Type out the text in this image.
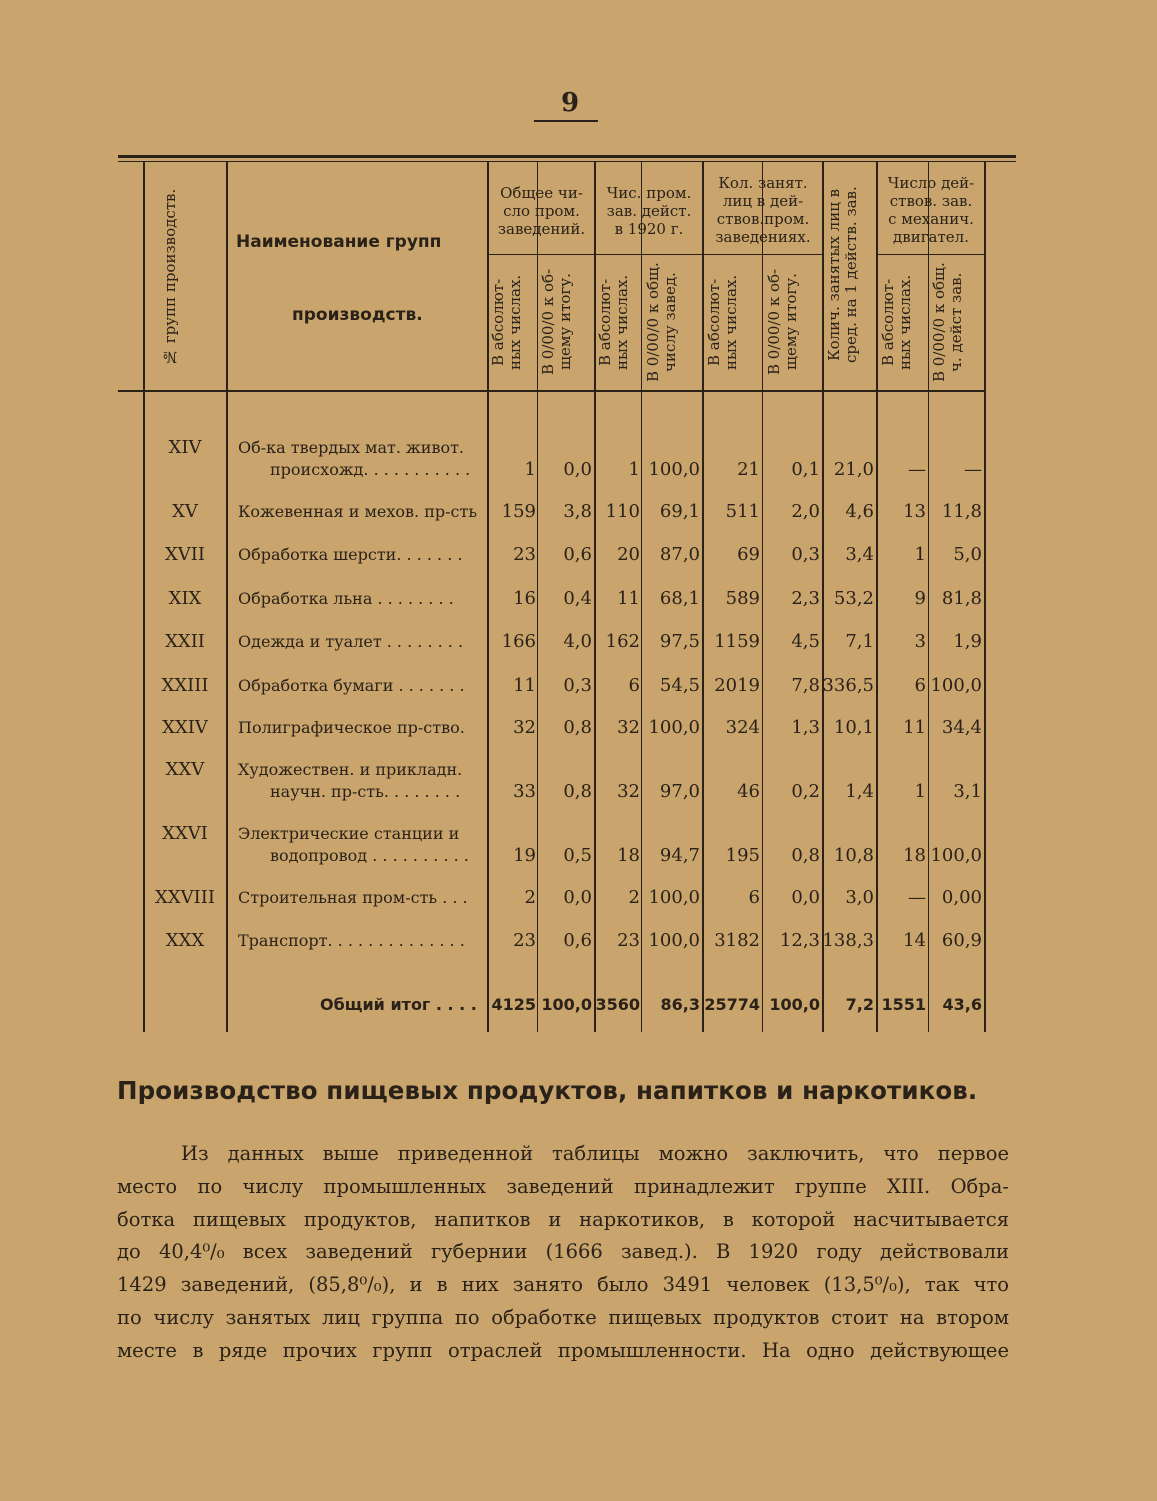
9
№ групп производств.	Наименование групп
производств.
Общее чи-
сло пром.
заведений.
Чис. пром.
зав. дейст.
в 1920 г.
Кол. занят.
лиц в дей-
ствов.пром.
заведениях.
Колич. занятых лиц в
сред. на 1 действ. зав.
Число дей-
ствов. зав.
с механич.
двигател.
В абсолют-
ных числах.
В 0/00/0 к об-
щему итогу.
В абсолют-
ных числах.
В 0/00/0 к общ.
числу завед.
В абсолют-
ных числах.
В 0/00/0 к об-
щему итогу.
В абсолют-
ных числах.
В 0/00/0 к общ.
ч. дейст зав.
XIV	Об-ка твердых мат. живот.
происхожд. . . . . . . . . . .	1 0,0 1 100,0 21 0,1 21,0 — —
XV	Кожевенная и мехов. пр-сть 159 3,8 110 69,1 511 2,0 4,6 13 11,8
XVII	Обработка шерсти. . . . . . .	23 0,6 20 87,0 69 0,3 3,4 1 5,0
XIX	Обработка льна . . . . . . . .	16 0,4 11 68,1 589 2,3 53,2 9 81,8
XXII	Одежда и туалет . . . . . . . . 166 4,0 162 97,5 1159 4,5 7,1 3 1,9
XXIII	Обработка бумаги . . . . . . .	11 0,3 6 54,5 2019 7,8 336,5 6 100,0
XXIV	Полиграфическое пр-ство.	32 0,8 32 100,0 324 1,3 10,1 11 34,4
XXV	Художествен. и прикладн.
научн. пр-сть. . . . . . . .	33 0,8 32 97,0 46 0,2 1,4 1 3,1
XXVI	Электрические станции и
водопровод . . . . . . . . . . 19 0,5 18 94,7 195 0,8 10,8 18 100,0
XXVIII	Строительная пром-сть . . .	2 0,0 2 100,0	6 0,0 3,0 — 0,00
XXX	Транспорт. . . . . . . . . . . . . .	23 0,6 23 100,0 3182 12,3 138,3 14 60,9
Общий итог . . . . 4125 100,0 3560 86,3 25774 100,0 7,2 1551 43,6
Производство пищевых продуктов, напитков и наркотиков.
Из данных выше приведенной таблицы можно заключить, что первое
место по числу промышленных заведений принадлежит группе XIII. Обра-
ботка пищевых продуктов, напитков и наркотиков, в которой насчитывается
до 40,4⁰/₀ всех заведений губернии (1666 завед.). В 1920 году действовали
1429 заведений, (85,8⁰/₀), и в них занято было 3491 человек (13,5⁰/₀), так что
по числу занятых лиц группа по обработке пищевых продуктов стоит на втором
месте в ряде прочих групп отраслей промышленности. На одно действующее
